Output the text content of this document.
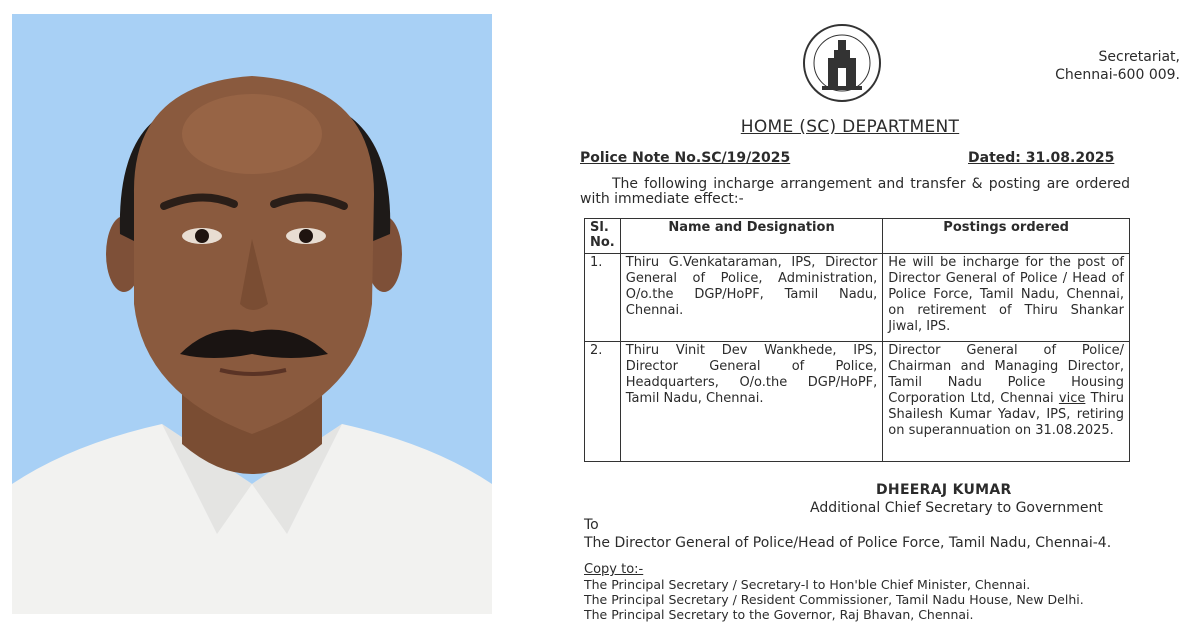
Secretariat,
Chennai-600 009.
HOME (SC) DEPARTMENT
Police Note No.SC/19/2025	Dated: 31.08.2025
The following incharge arrangement and transfer & posting are ordered
with immediate effect:-
Sl. No.	Name and Designation	Postings ordered
1.	Thiru G.Venkataraman, IPS, Director General of Police, Administration, O/o.the DGP/HoPF, Tamil Nadu, Chennai.	He will be incharge for the post of Director General of Police / Head of Police Force, Tamil Nadu, Chennai, on retirement of Thiru Shankar Jiwal, IPS.
2.	Thiru Vinit Dev Wankhede, IPS, Director General of Police, Headquarters, O/o.the DGP/HoPF, Tamil Nadu, Chennai.	Director General of Police/ Chairman and Managing Director, Tamil Nadu Police Housing Corporation Ltd, Chennai vice Thiru Shailesh Kumar Yadav, IPS, retiring on superannuation on 31.08.2025.
DHEERAJ KUMAR
Additional Chief Secretary to Government
To
The Director General of Police/Head of Police Force, Tamil Nadu, Chennai-4.
Copy to:-
The Principal Secretary / Secretary-I to Hon'ble Chief Minister, Chennai.
The Principal Secretary / Resident Commissioner, Tamil Nadu House, New Delhi.
The Principal Secretary to the Governor, Raj Bhavan, Chennai.
